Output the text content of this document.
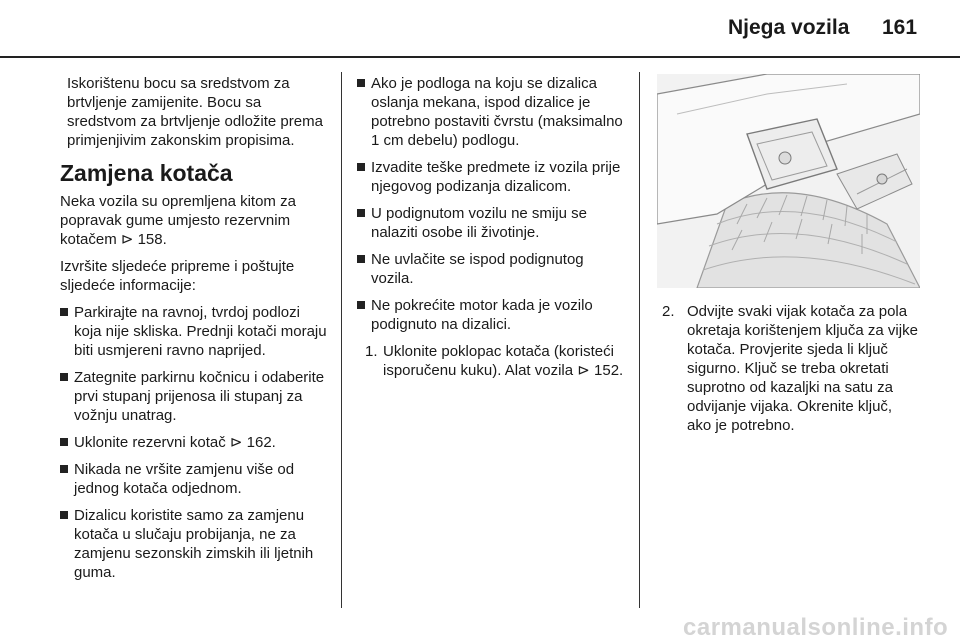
Njega vozila 161

Iskorištenu bocu sa sredstvom za brtvljenje zamijenite. Bocu sa sredstvom za brtvljenje odložite prema primjenjivim zakonskim propisima.

Zamjena kotača

Neka vozila su opremljena kitom za popravak gume umjesto rezervnim kotačem ⊳ 158.

Izvršite sljedeće pripreme i poštujte sljedeće informacije:

Parkirajte na ravnoj, tvrdoj podlozi koja nije skliska. Prednji kotači moraju biti usmjereni ravno naprijed.
Zategnite parkirnu kočnicu i odaberite prvi stupanj prijenosa ili stupanj za vožnju unatrag.
Uklonite rezervni kotač ⊳ 162.
Nikada ne vršite zamjenu više od jednog kotača odjednom.
Dizalicu koristite samo za zamjenu kotača u slučaju probijanja, ne za zamjenu sezonskih zimskih ili ljetnih guma.
Ako je podloga na koju se dizalica oslanja mekana, ispod dizalice je potrebno postaviti čvrstu (maksimalno 1 cm debelu) podlogu.
Izvadite teške predmete iz vozila prije njegovog podizanja dizalicom.
U podignutom vozilu ne smiju se nalaziti osobe ili životinje.
Ne uvlačite se ispod podignutog vozila.
Ne pokrećite motor kada je vozilo podignuto na dizalici.
1. Uklonite poklopac kotača (koristeći isporučenu kuku). Alat vozila ⊳ 152.
2. Odvijte svaki vijak kotača za pola okretaja korištenjem ključa za vijke kotača. Provjerite sjeda li ključ sigurno. Ključ se treba okretati suprotno od kazaljki na satu za odvijanje vijaka. Okrenite ključ, ako je potrebno.
carmanualsonline.info
